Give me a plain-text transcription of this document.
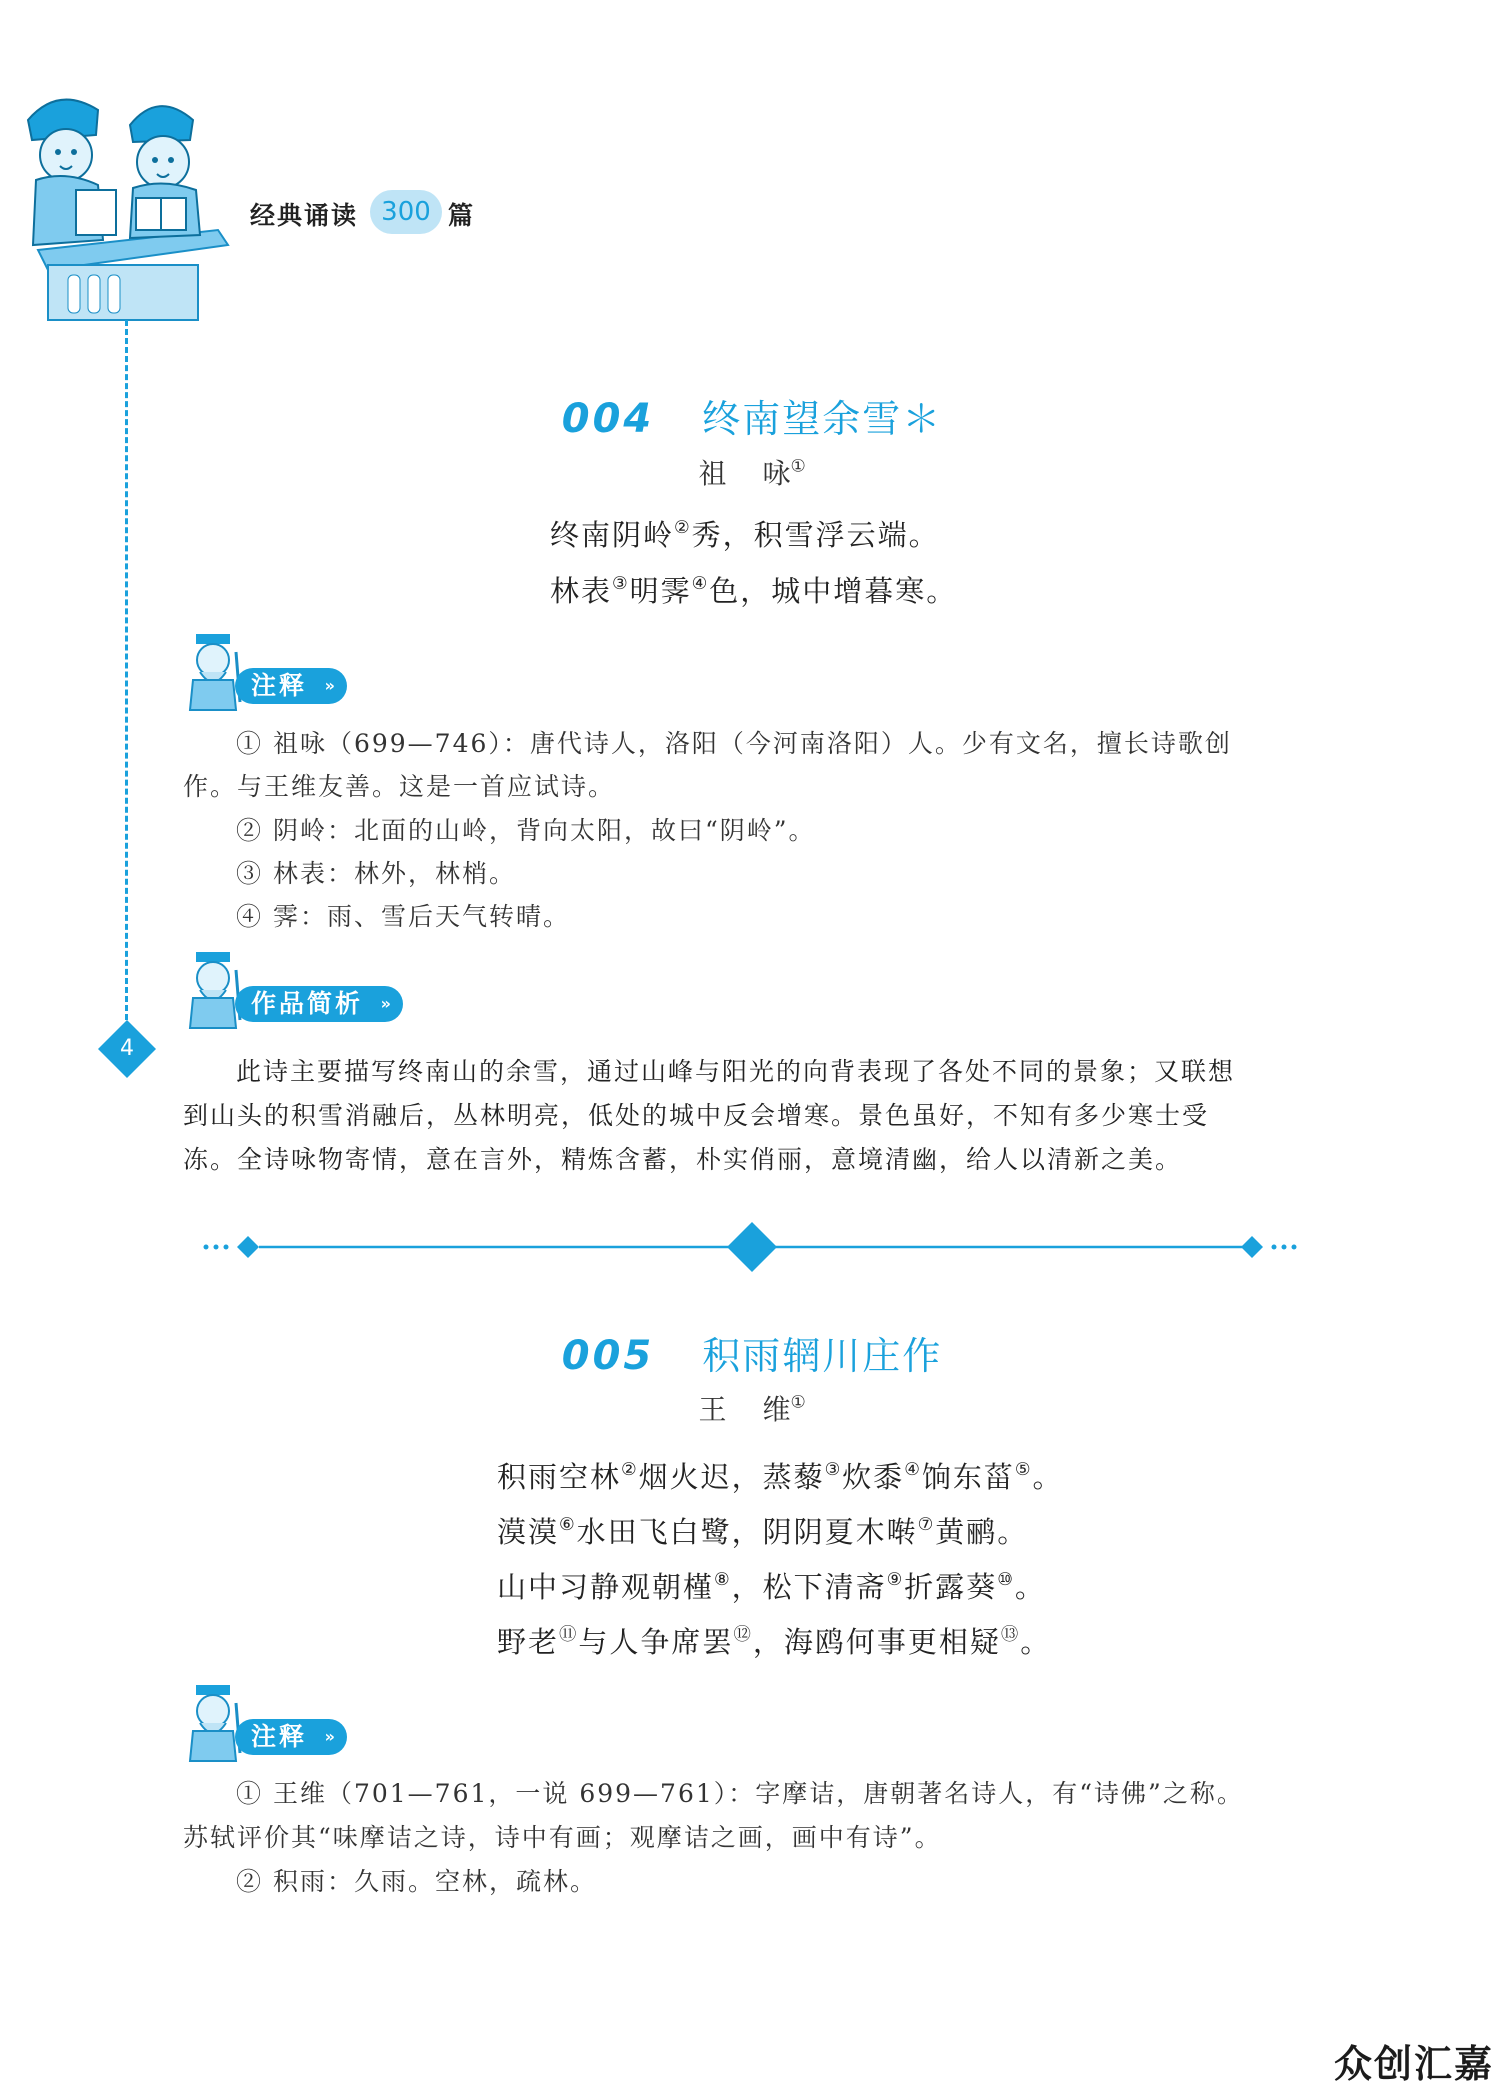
经典诵读 300 篇
4
004 终南望余雪＊
祖 咏①
终南阴岭②秀，积雪浮云端。
林表③明霁④色，城中增暮寒。
注释 »
① 祖咏（699—746）：唐代诗人，洛阳（今河南洛阳）人。少有文名，擅长诗歌创
作。与王维友善。这是一首应试诗。
② 阴岭：北面的山岭，背向太阳，故曰“阴岭”。
③ 林表：林外，林梢。
④ 霁：雨、雪后天气转晴。
作品简析 »
此诗主要描写终南山的余雪，通过山峰与阳光的向背表现了各处不同的景象；又联想
到山头的积雪消融后，丛林明亮，低处的城中反会增寒。景色虽好，不知有多少寒士受
冻。全诗咏物寄情，意在言外，精炼含蓄，朴实俏丽，意境清幽，给人以清新之美。
005 积雨辋川庄作
王 维①
积雨空林②烟火迟，蒸藜③炊黍④饷东菑⑤。
漠漠⑥水田飞白鹭，阴阴夏木啭⑦黄鹂。
山中习静观朝槿⑧，松下清斋⑨折露葵⑩。
野老⑪与人争席罢⑫，海鸥何事更相疑⑬。
注释 »
① 王维（701—761，一说 699—761）：字摩诘，唐朝著名诗人，有“诗佛”之称。
苏轼评价其“味摩诘之诗，诗中有画；观摩诘之画，画中有诗”。
② 积雨：久雨。空林，疏林。
众创汇嘉
